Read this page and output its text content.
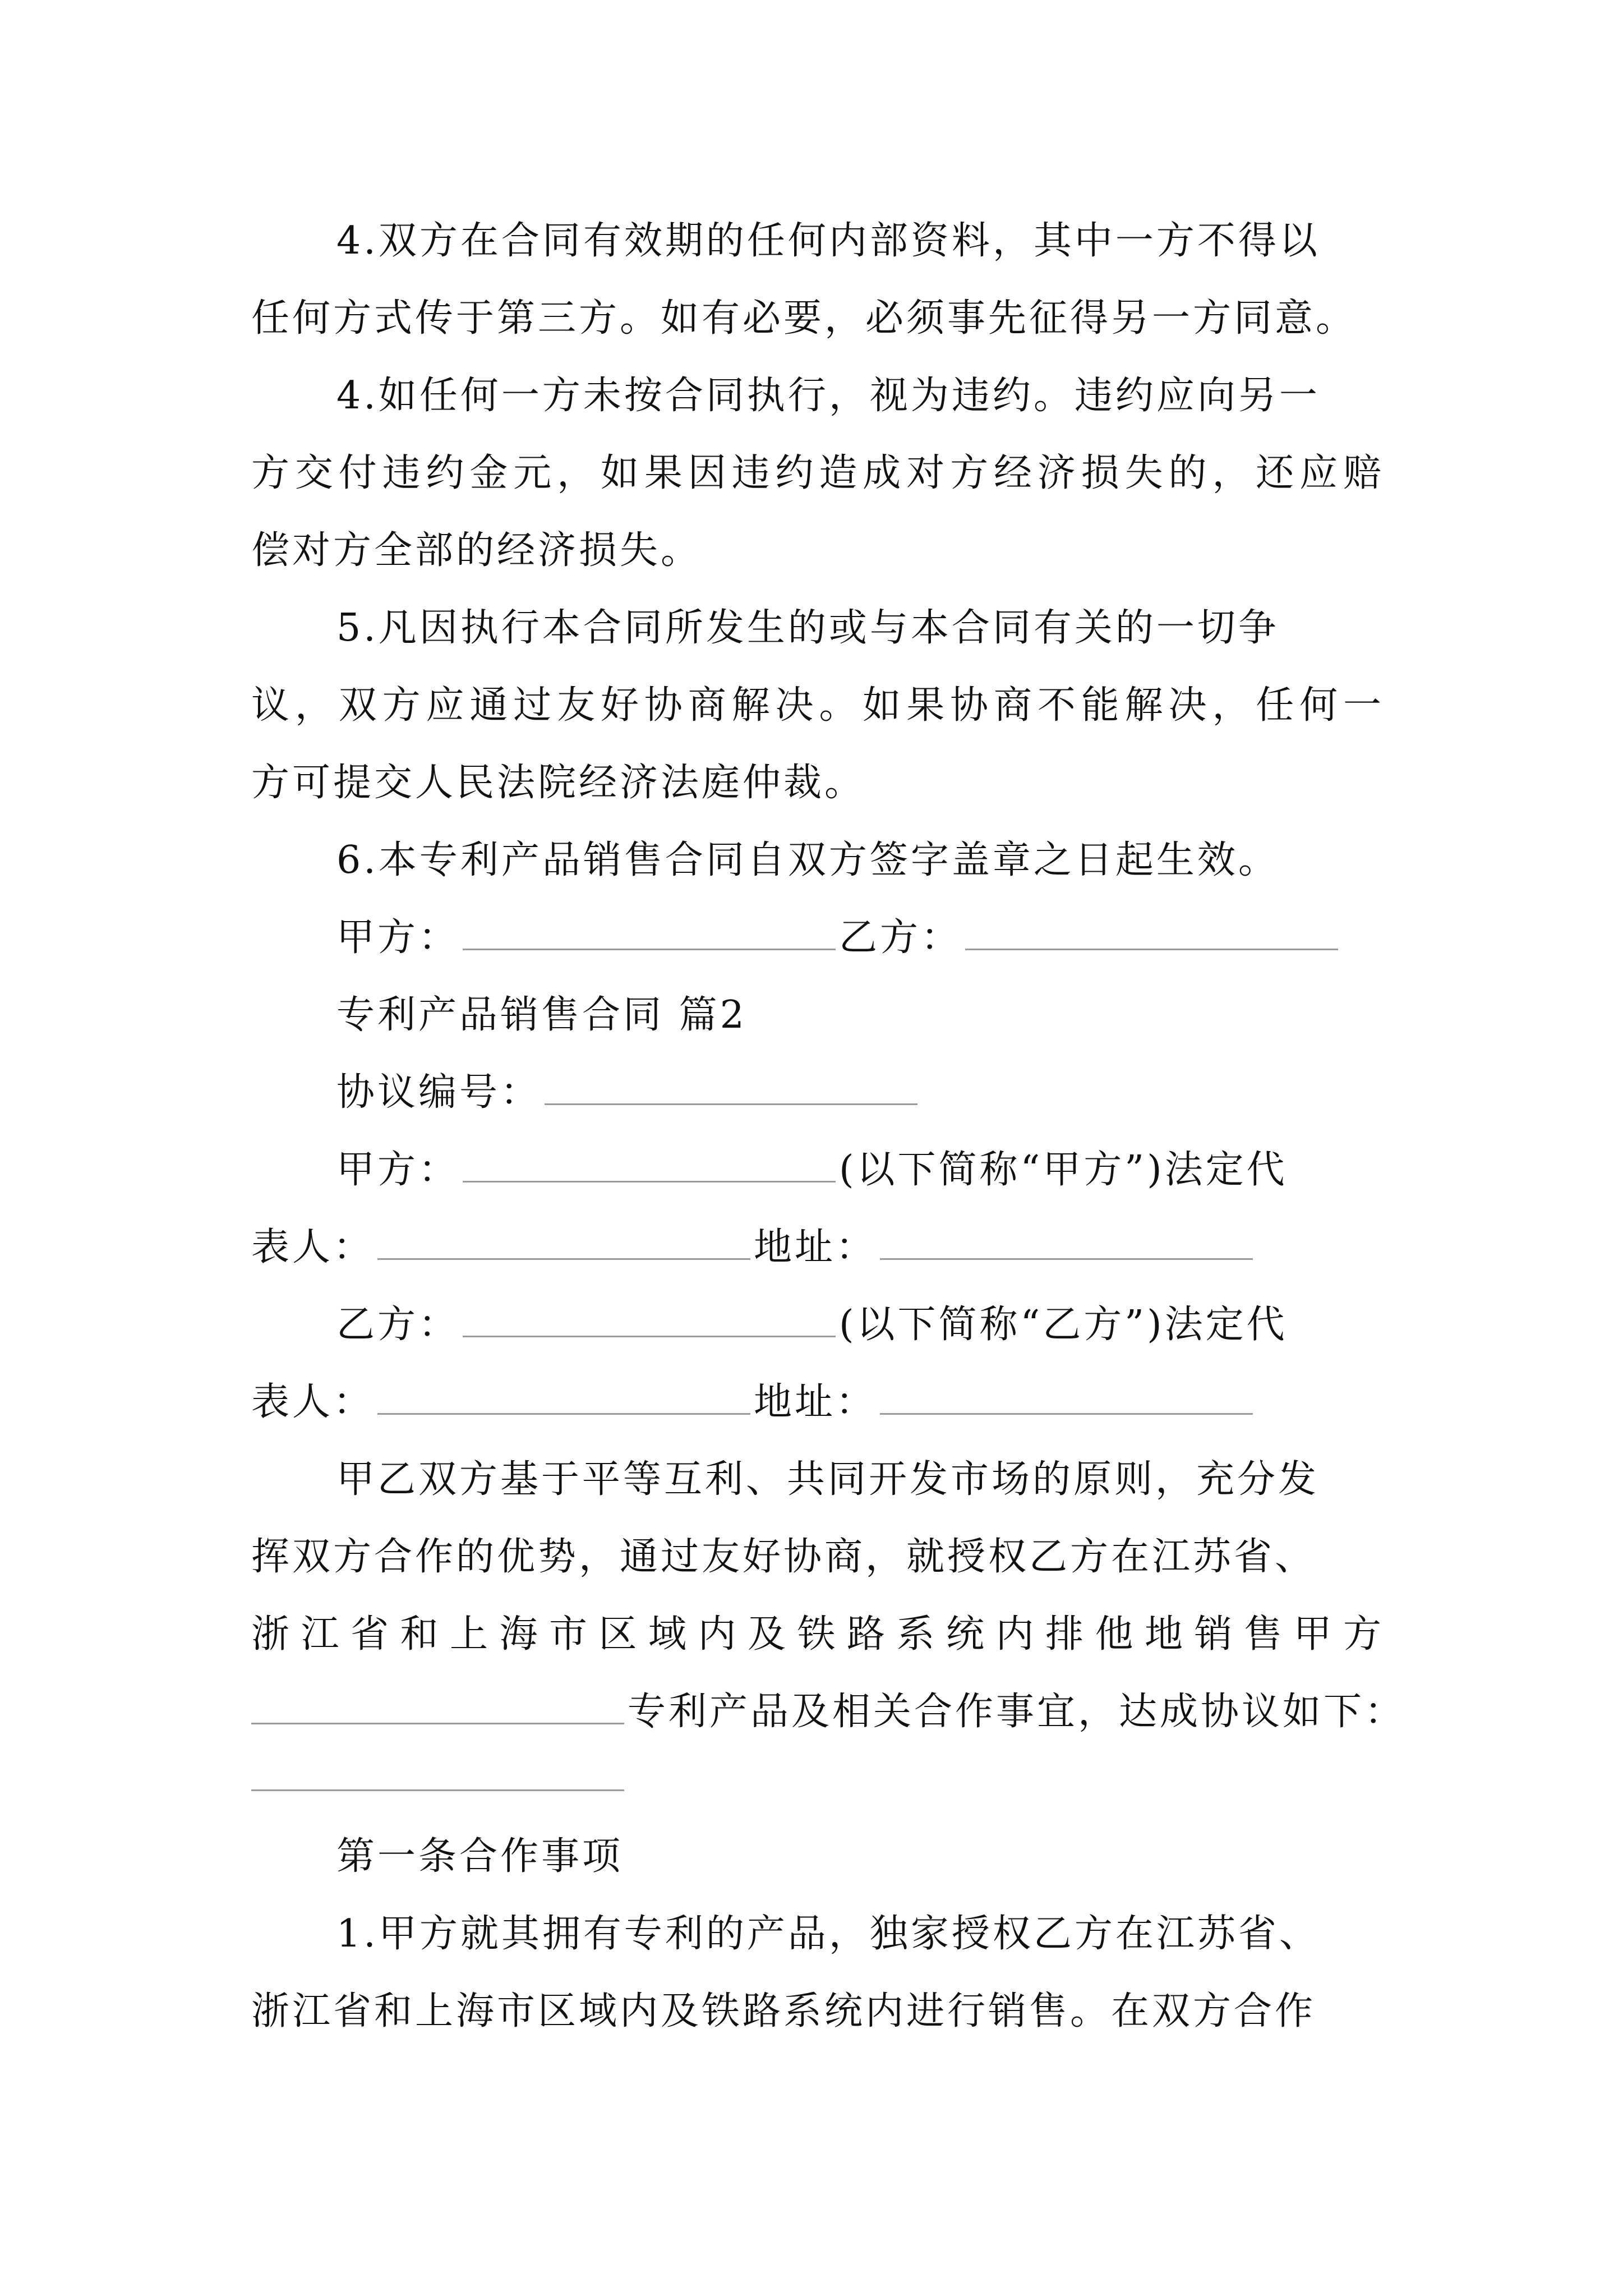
4.双方在合同有效期的任何内部资料，其中一方不得以
任何方式传于第三方。如有必要，必须事先征得另一方同意。
4.如任何一方未按合同执行，视为违约。违约应向另一
方交付违约金元，如果因违约造成对方经济损失的，还应赔
偿对方全部的经济损失。
5.凡因执行本合同所发生的或与本合同有关的一切争
议，双方应通过友好协商解决。如果协商不能解决，任何一
方可提交人民法院经济法庭仲裁。
6.本专利产品销售合同自双方签字盖章之日起生效。
甲方：	乙方：
专利产品销售合同 篇2
协议编号：
甲方：	(以下简称“甲方”)法定代
表人：	地址：
乙方：	(以下简称“乙方”)法定代
表人：	地址：
甲乙双方基于平等互利、共同开发市场的原则，充分发
挥双方合作的优势，通过友好协商，就授权乙方在江苏省、
浙江省和上海市区域内及铁路系统内排他地销售甲方
专利产品及相关合作事宜，达成协议如下：
第一条合作事项
1.甲方就其拥有专利的产品，独家授权乙方在江苏省、
浙江省和上海市区域内及铁路系统内进行销售。在双方合作
